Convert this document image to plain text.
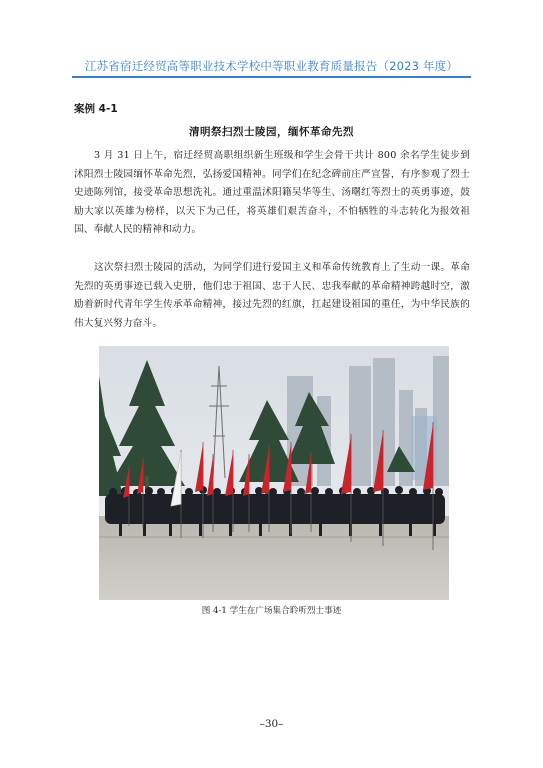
江苏省宿迁经贸高等职业技术学校中等职业教育质量报告（2023 年度）
案例 4-1
清明祭扫烈士陵园，缅怀革命先烈

3 月 31 日上午，宿迁经贸高职组织新生班级和学生会骨干共计 800 余名学生徒步到沭阳烈士陵园缅怀革命先烈，弘扬爱国精神。同学们在纪念碑前庄严宣誓，有序参观了烈士史迹陈列馆，接受革命思想洗礼。通过重温沭阳籍吴华等生、汤曙红等烈士的英勇事迹，鼓励大家以英雄为榜样，以天下为己任，将英雄们艰苦奋斗，不怕牺牲的斗志转化为报效祖国、奉献人民的精神和动力。

这次祭扫烈士陵园的活动，为同学们进行爱国主义和革命传统教育上了生动一课。革命先烈的英勇事迹已载入史册，他们忠于祖国、忠于人民、忠我奉献的革命精神跨越时空，激励着新时代青年学生传承革命精神，接过先烈的红旗，扛起建设祖国的重任，为中华民族的伟大复兴努力奋斗。

图 4-1 学生在广场集合聆听烈士事迹
–30–
